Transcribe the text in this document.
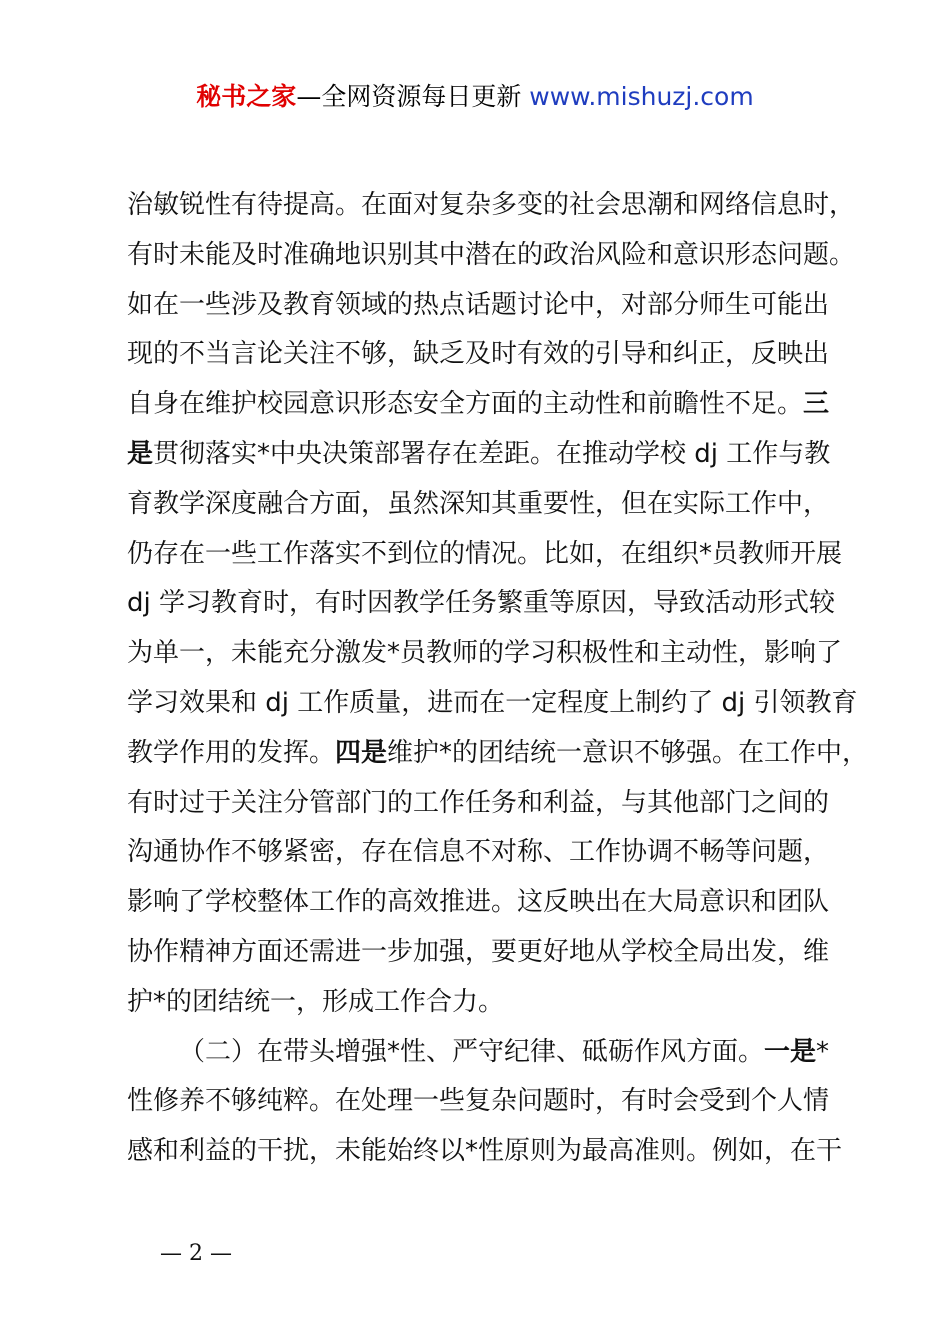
秘书之家—全网资源每日更新 www.mishuzj.com
治敏锐性有待提高。在面对复杂多变的社会思潮和网络信息时，
有时未能及时准确地识别其中潜在的政治风险和意识形态问题。
如在一些涉及教育领域的热点话题讨论中，对部分师生可能出
现的不当言论关注不够，缺乏及时有效的引导和纠正，反映出
自身在维护校园意识形态安全方面的主动性和前瞻性不足。三
是贯彻落实*中央决策部署存在差距。在推动学校 dj 工作与教
育教学深度融合方面，虽然深知其重要性，但在实际工作中，
仍存在一些工作落实不到位的情况。比如，在组织*员教师开展
dj 学习教育时，有时因教学任务繁重等原因，导致活动形式较
为单一，未能充分激发*员教师的学习积极性和主动性，影响了
学习效果和 dj 工作质量，进而在一定程度上制约了 dj 引领教育
教学作用的发挥。四是维护*的团结统一意识不够强。在工作中，
有时过于关注分管部门的工作任务和利益，与其他部门之间的
沟通协作不够紧密，存在信息不对称、工作协调不畅等问题，
影响了学校整体工作的高效推进。这反映出在大局意识和团队
协作精神方面还需进一步加强，要更好地从学校全局出发，维
护*的团结统一，形成工作合力。
（二）在带头增强*性、严守纪律、砥砺作风方面。一是*
性修养不够纯粹。在处理一些复杂问题时，有时会受到个人情
感和利益的干扰，未能始终以*性原则为最高准则。例如，在干
— 2 —
